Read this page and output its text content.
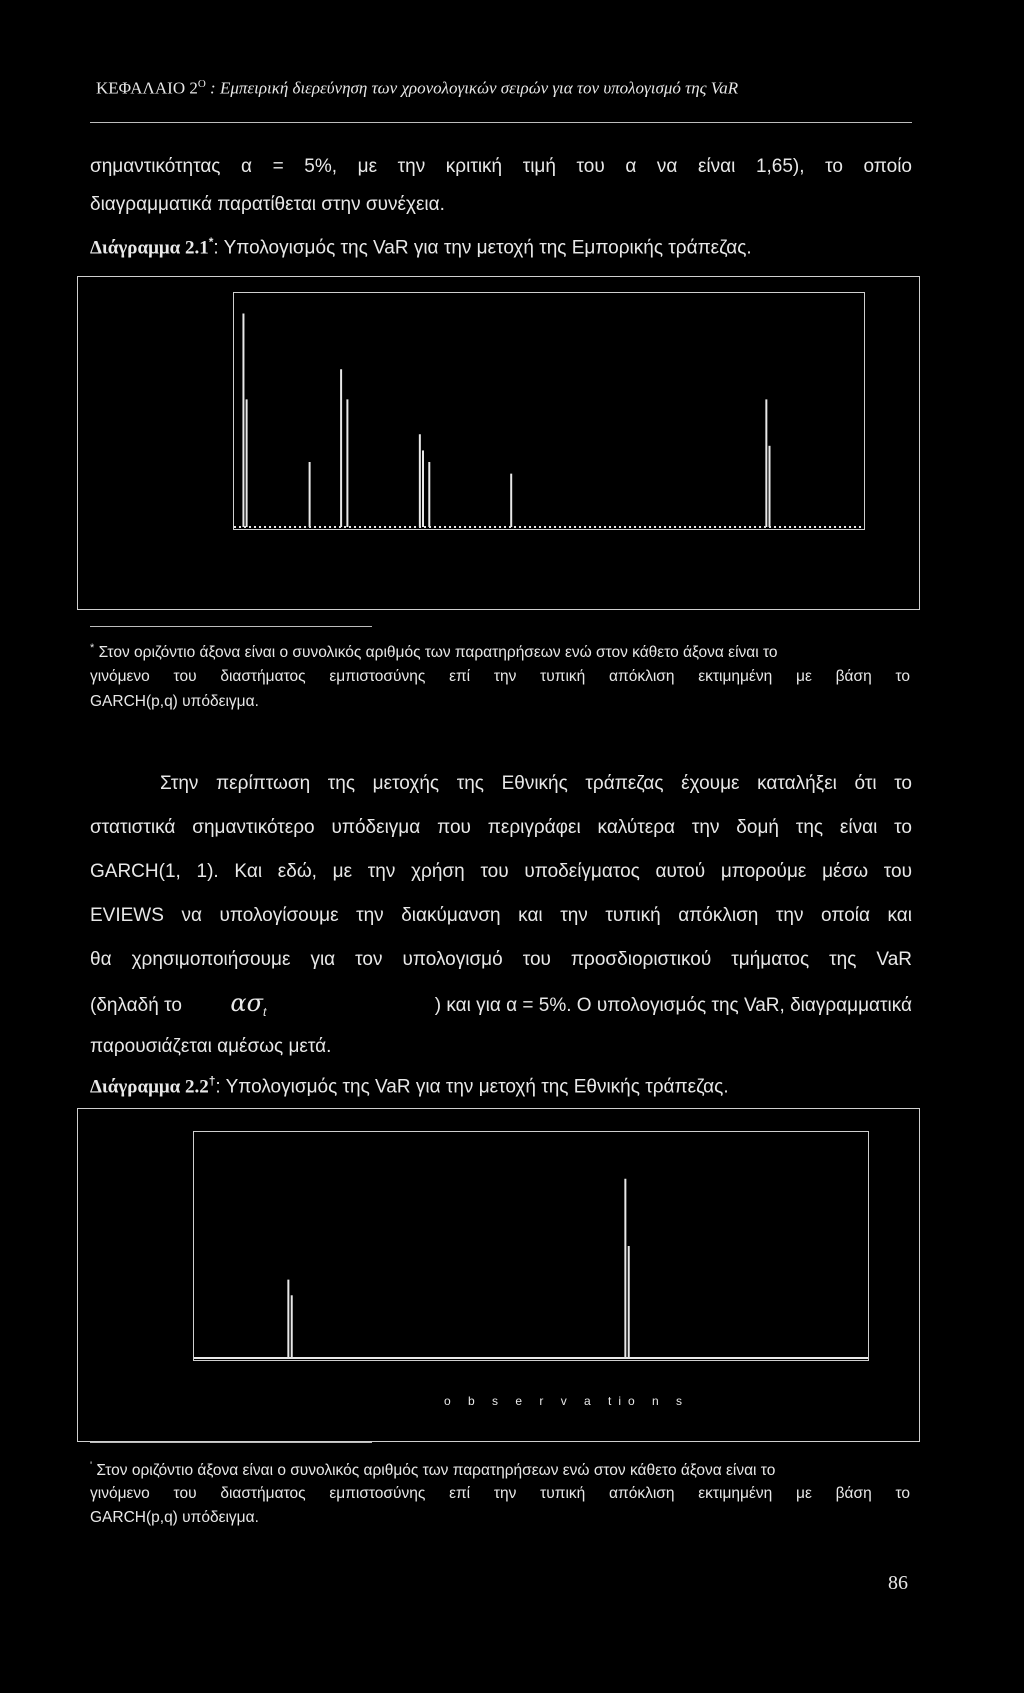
ΚΕΦΑΛΑΙΟ $2^O$ : Εμπειρική διερεύνηση των χρονολογικών σειρών για τον υπολογισμό της VaR
σημαντικότητας α = 5%, με την κριτική τιμή του α να είναι 1,65), το οποίο
διαγραμματικά παρατίθεται στην συνέχεια.
Διάγραμμα 2.1*: Υπολογισμός της VaR για την μετοχή της Εμπορικής τράπεζας.
* Στον οριζόντιο άξονα είναι ο συνολικός αριθμός των παρατηρήσεων ενώ στον κάθετο άξονα είναι το
γινόμενο του διαστήματος εμπιστοσύνης επί την τυπική απόκλιση εκτιμημένη με βάση το
GARCH(p,q) υπόδειγμα.
Στην περίπτωση της μετοχής της Εθνικής τράπεζας έχουμε καταλήξει ότι το
στατιστικά σημαντικότερο υπόδειγμα που περιγράφει καλύτερα την δομή της είναι το
GARCH(1, 1). Και εδώ, με την χρήση του υποδείγματος αυτού μπορούμε μέσω του
EVIEWS να υπολογίσουμε την διακύμανση και την τυπική απόκλιση την οποία και
θα χρησιμοποιήσουμε για τον υπολογισμό του προσδιοριστικού τμήματος της VaR
(δηλαδή το $\alpha\sigma_t$	) και για α = 5%. Ο υπολογισμός της VaR, διαγραμματικά
παρουσιάζεται αμέσως μετά.
Διάγραμμα 2.2†: Υπολογισμός της VaR για την μετοχή της Εθνικής τράπεζας.
' Στον οριζόντιο άξονα είναι ο συνολικός αριθμός των παρατηρήσεων ενώ στον κάθετο άξονα είναι το
γινόμενο του διαστήματος εμπιστοσύνης επί την τυπική απόκλιση εκτιμημένη με βάση το
GARCH(p,q) υπόδειγμα.
86
o b s e r v a tio n s
